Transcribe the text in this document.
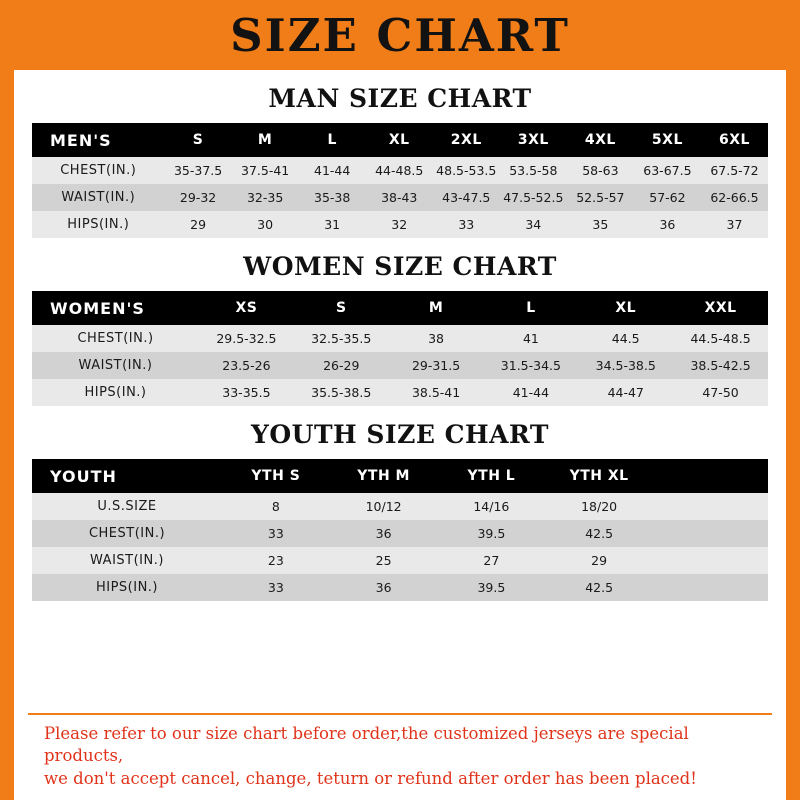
SIZE CHART
MAN SIZE CHART
MEN'S	S	M	L	XL	2XL	3XL	4XL	5XL	6XL
CHEST(IN.)	35-37.5	37.5-41	41-44	44-48.5	48.5-53.5	53.5-58	58-63	63-67.5	67.5-72
WAIST(IN.)	29-32	32-35	35-38	38-43	43-47.5	47.5-52.5	52.5-57	57-62	62-66.5
HIPS(IN.)	29	30	31	32	33	34	35	36	37
WOMEN SIZE CHART
WOMEN'S	XS	S	M	L	XL	XXL
CHEST(IN.)	29.5-32.5	32.5-35.5	38	41	44.5	44.5-48.5
WAIST(IN.)	23.5-26	26-29	29-31.5	31.5-34.5	34.5-38.5	38.5-42.5
HIPS(IN.)	33-35.5	35.5-38.5	38.5-41	41-44	44-47	47-50
YOUTH SIZE CHART
YOUTH	YTH S	YTH M	YTH L	YTH XL	
U.S.SIZE	8	10/12	14/16	18/20	
CHEST(IN.)	33	36	39.5	42.5	
WAIST(IN.)	23	25	27	29	
HIPS(IN.)	33	36	39.5	42.5	

Please refer to our size chart before order,the customized jerseys are special products,

we don't accept cancel, change, teturn or refund after order has been placed!
